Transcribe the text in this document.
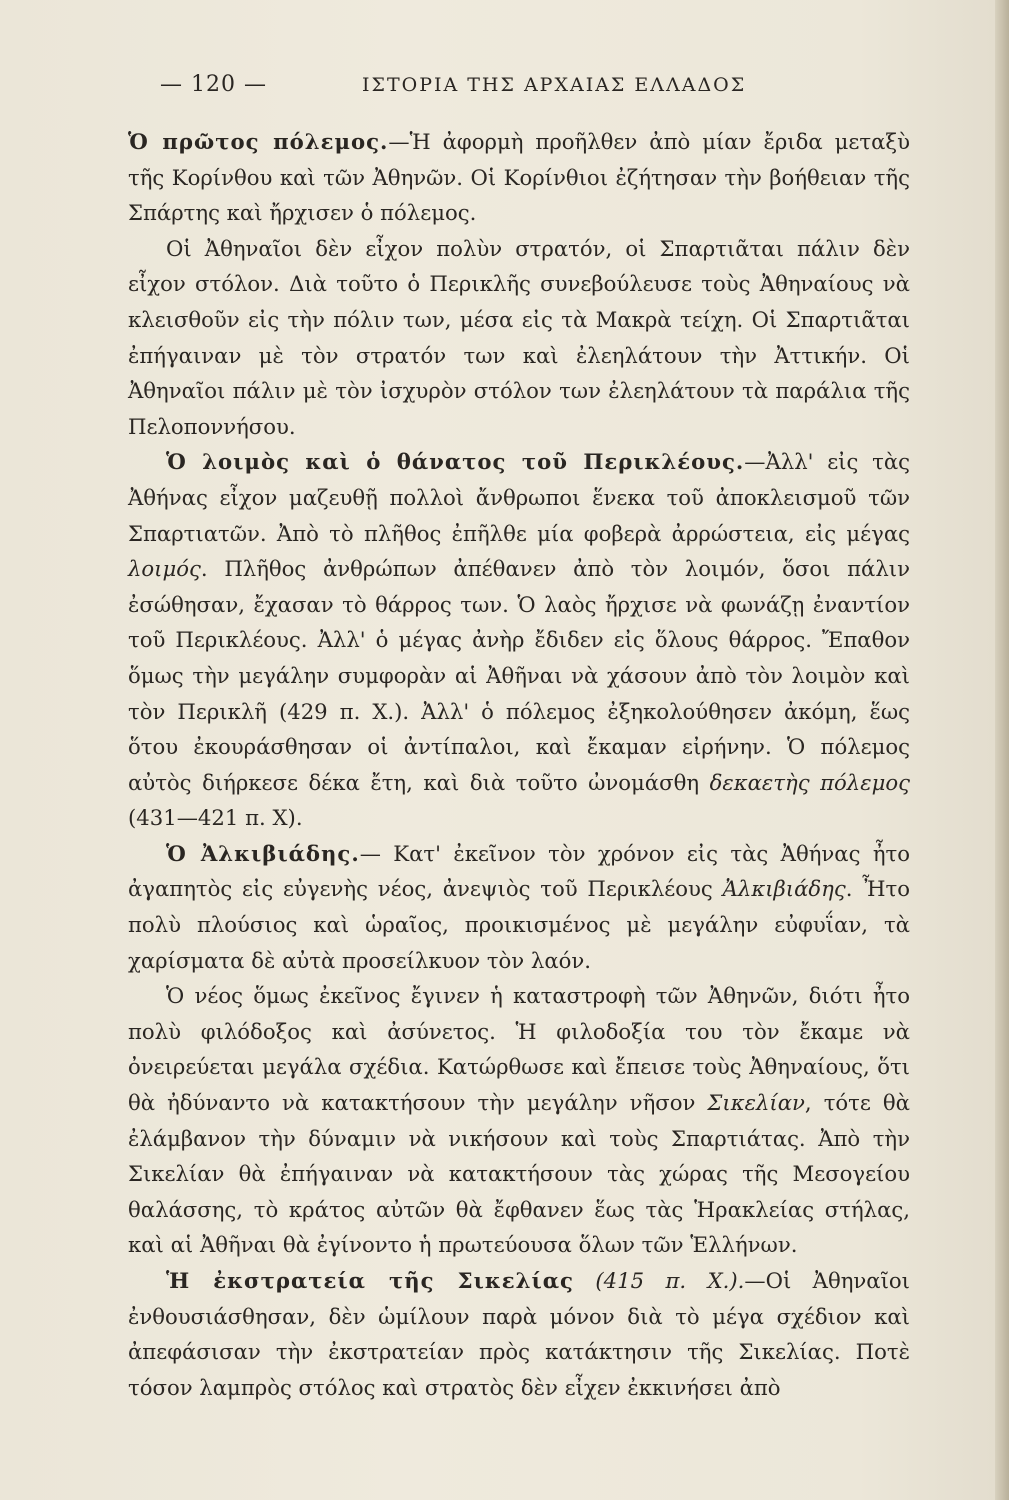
— 120 —	ΙΣΤΟΡΙΑ ΤΗΣ ΑΡΧΑΙΑΣ ΕΛΛΑΔΟΣ

Ὁ πρῶτος πόλεμος.—Ἡ ἀφορμὴ προῆλθεν ἀπὸ μίαν ἔριδα μεταξὺ τῆς Κορίνθου καὶ τῶν Ἀθηνῶν. Οἱ Κορίνθιοι ἐζήτησαν τὴν βοήθειαν τῆς Σπάρτης καὶ ἤρχισεν ὁ πόλεμος.

Οἱ Ἀθηναῖοι δὲν εἶχον πολὺν στρατόν, οἱ Σπαρτιᾶται πάλιν δὲν εἶχον στόλον. Διὰ τοῦτο ὁ Περικλῆς συνεβούλευσε τοὺς Ἀθηναίους νὰ κλεισθοῦν εἰς τὴν πόλιν των, μέσα εἰς τὰ Μακρὰ τείχη. Οἱ Σπαρτιᾶται ἐπήγαιναν μὲ τὸν στρατόν των καὶ ἐλεηλάτουν τὴν Ἀττικήν. Οἱ Ἀθηναῖοι πάλιν μὲ τὸν ἰσχυρὸν στόλον των ἐλεηλάτουν τὰ παράλια τῆς Πελοποννήσου.

Ὁ λοιμὸς καὶ ὁ θάνατος τοῦ Περικλέους.—Ἀλλ' εἰς τὰς Ἀθήνας εἶχον μαζευθῇ πολλοὶ ἄνθρωποι ἕνεκα τοῦ ἀποκλεισμοῦ τῶν Σπαρτιατῶν. Ἀπὸ τὸ πλῆθος ἐπῆλθε μία φοβερὰ ἀρρώστεια, εἰς μέγας λοιμός. Πλῆθος ἀνθρώπων ἀπέθανεν ἀπὸ τὸν λοιμόν, ὅσοι πάλιν ἐσώθησαν, ἔχασαν τὸ θάρρος των. Ὁ λαὸς ἤρχισε νὰ φωνάζῃ ἐναντίον τοῦ Περικλέους. Ἀλλ' ὁ μέγας ἀνὴρ ἔδιδεν εἰς ὅλους θάρρος. Ἔπαθον ὅμως τὴν μεγάλην συμφορὰν αἱ Ἀθῆναι νὰ χάσουν ἀπὸ τὸν λοιμὸν καὶ τὸν Περικλῆ (429 π. Χ.). Ἀλλ' ὁ πόλεμος ἐξηκολούθησεν ἀκόμη, ἕως ὅτου ἐκουράσθησαν οἱ ἀντίπαλοι, καὶ ἔκαμαν εἰρήνην. Ὁ πόλεμος αὐτὸς διήρκεσε δέκα ἔτη, καὶ διὰ τοῦτο ὠνομάσθη δεκαετὴς πόλεμος (431—421 π. Χ).

Ὁ Ἀλκιβιάδης.— Κατ' ἐκεῖνον τὸν χρόνον εἰς τὰς Ἀθήνας ἦτο ἀγαπητὸς εἰς εὐγενὴς νέος, ἀνεψιὸς τοῦ Περικλέους Ἀλκιβιάδης. Ἦτο πολὺ πλούσιος καὶ ὡραῖος, προικισμένος μὲ μεγάλην εὐφυΐαν, τὰ χαρίσματα δὲ αὐτὰ προσείλκυον τὸν λαόν.

Ὁ νέος ὅμως ἐκεῖνος ἔγινεν ἡ καταστροφὴ τῶν Ἀθηνῶν, διότι ἦτο πολὺ φιλόδοξος καὶ ἀσύνετος. Ἡ φιλοδοξία του τὸν ἔκαμε νὰ ὀνειρεύεται μεγάλα σχέδια. Κατώρθωσε καὶ ἔπεισε τοὺς Ἀθηναίους, ὅτι θὰ ἠδύναντο νὰ κατακτήσουν τὴν μεγάλην νῆσον Σικελίαν, τότε θὰ ἐλάμβανον τὴν δύναμιν νὰ νικήσουν καὶ τοὺς Σπαρτιάτας. Ἀπὸ τὴν Σικελίαν θὰ ἐπήγαιναν νὰ κατακτήσουν τὰς χώρας τῆς Μεσογείου θαλάσσης, τὸ κράτος αὐτῶν θὰ ἔφθανεν ἕως τὰς Ἡρακλείας στήλας, καὶ αἱ Ἀθῆναι θὰ ἐγίνοντο ἡ πρωτεύουσα ὅλων τῶν Ἑλλήνων.

Ἡ ἐκστρατεία τῆς Σικελίας (415 π. Χ.).—Οἱ Ἀθηναῖοι ἐνθουσιάσθησαν, δὲν ὡμίλουν παρὰ μόνον διὰ τὸ μέγα σχέδιον καὶ ἀπεφάσισαν τὴν ἐκστρατείαν πρὸς κατάκτησιν τῆς Σικελίας. Ποτὲ τόσον λαμπρὸς στόλος καὶ στρατὸς δὲν εἶχεν ἐκκινήσει ἀπὸ
